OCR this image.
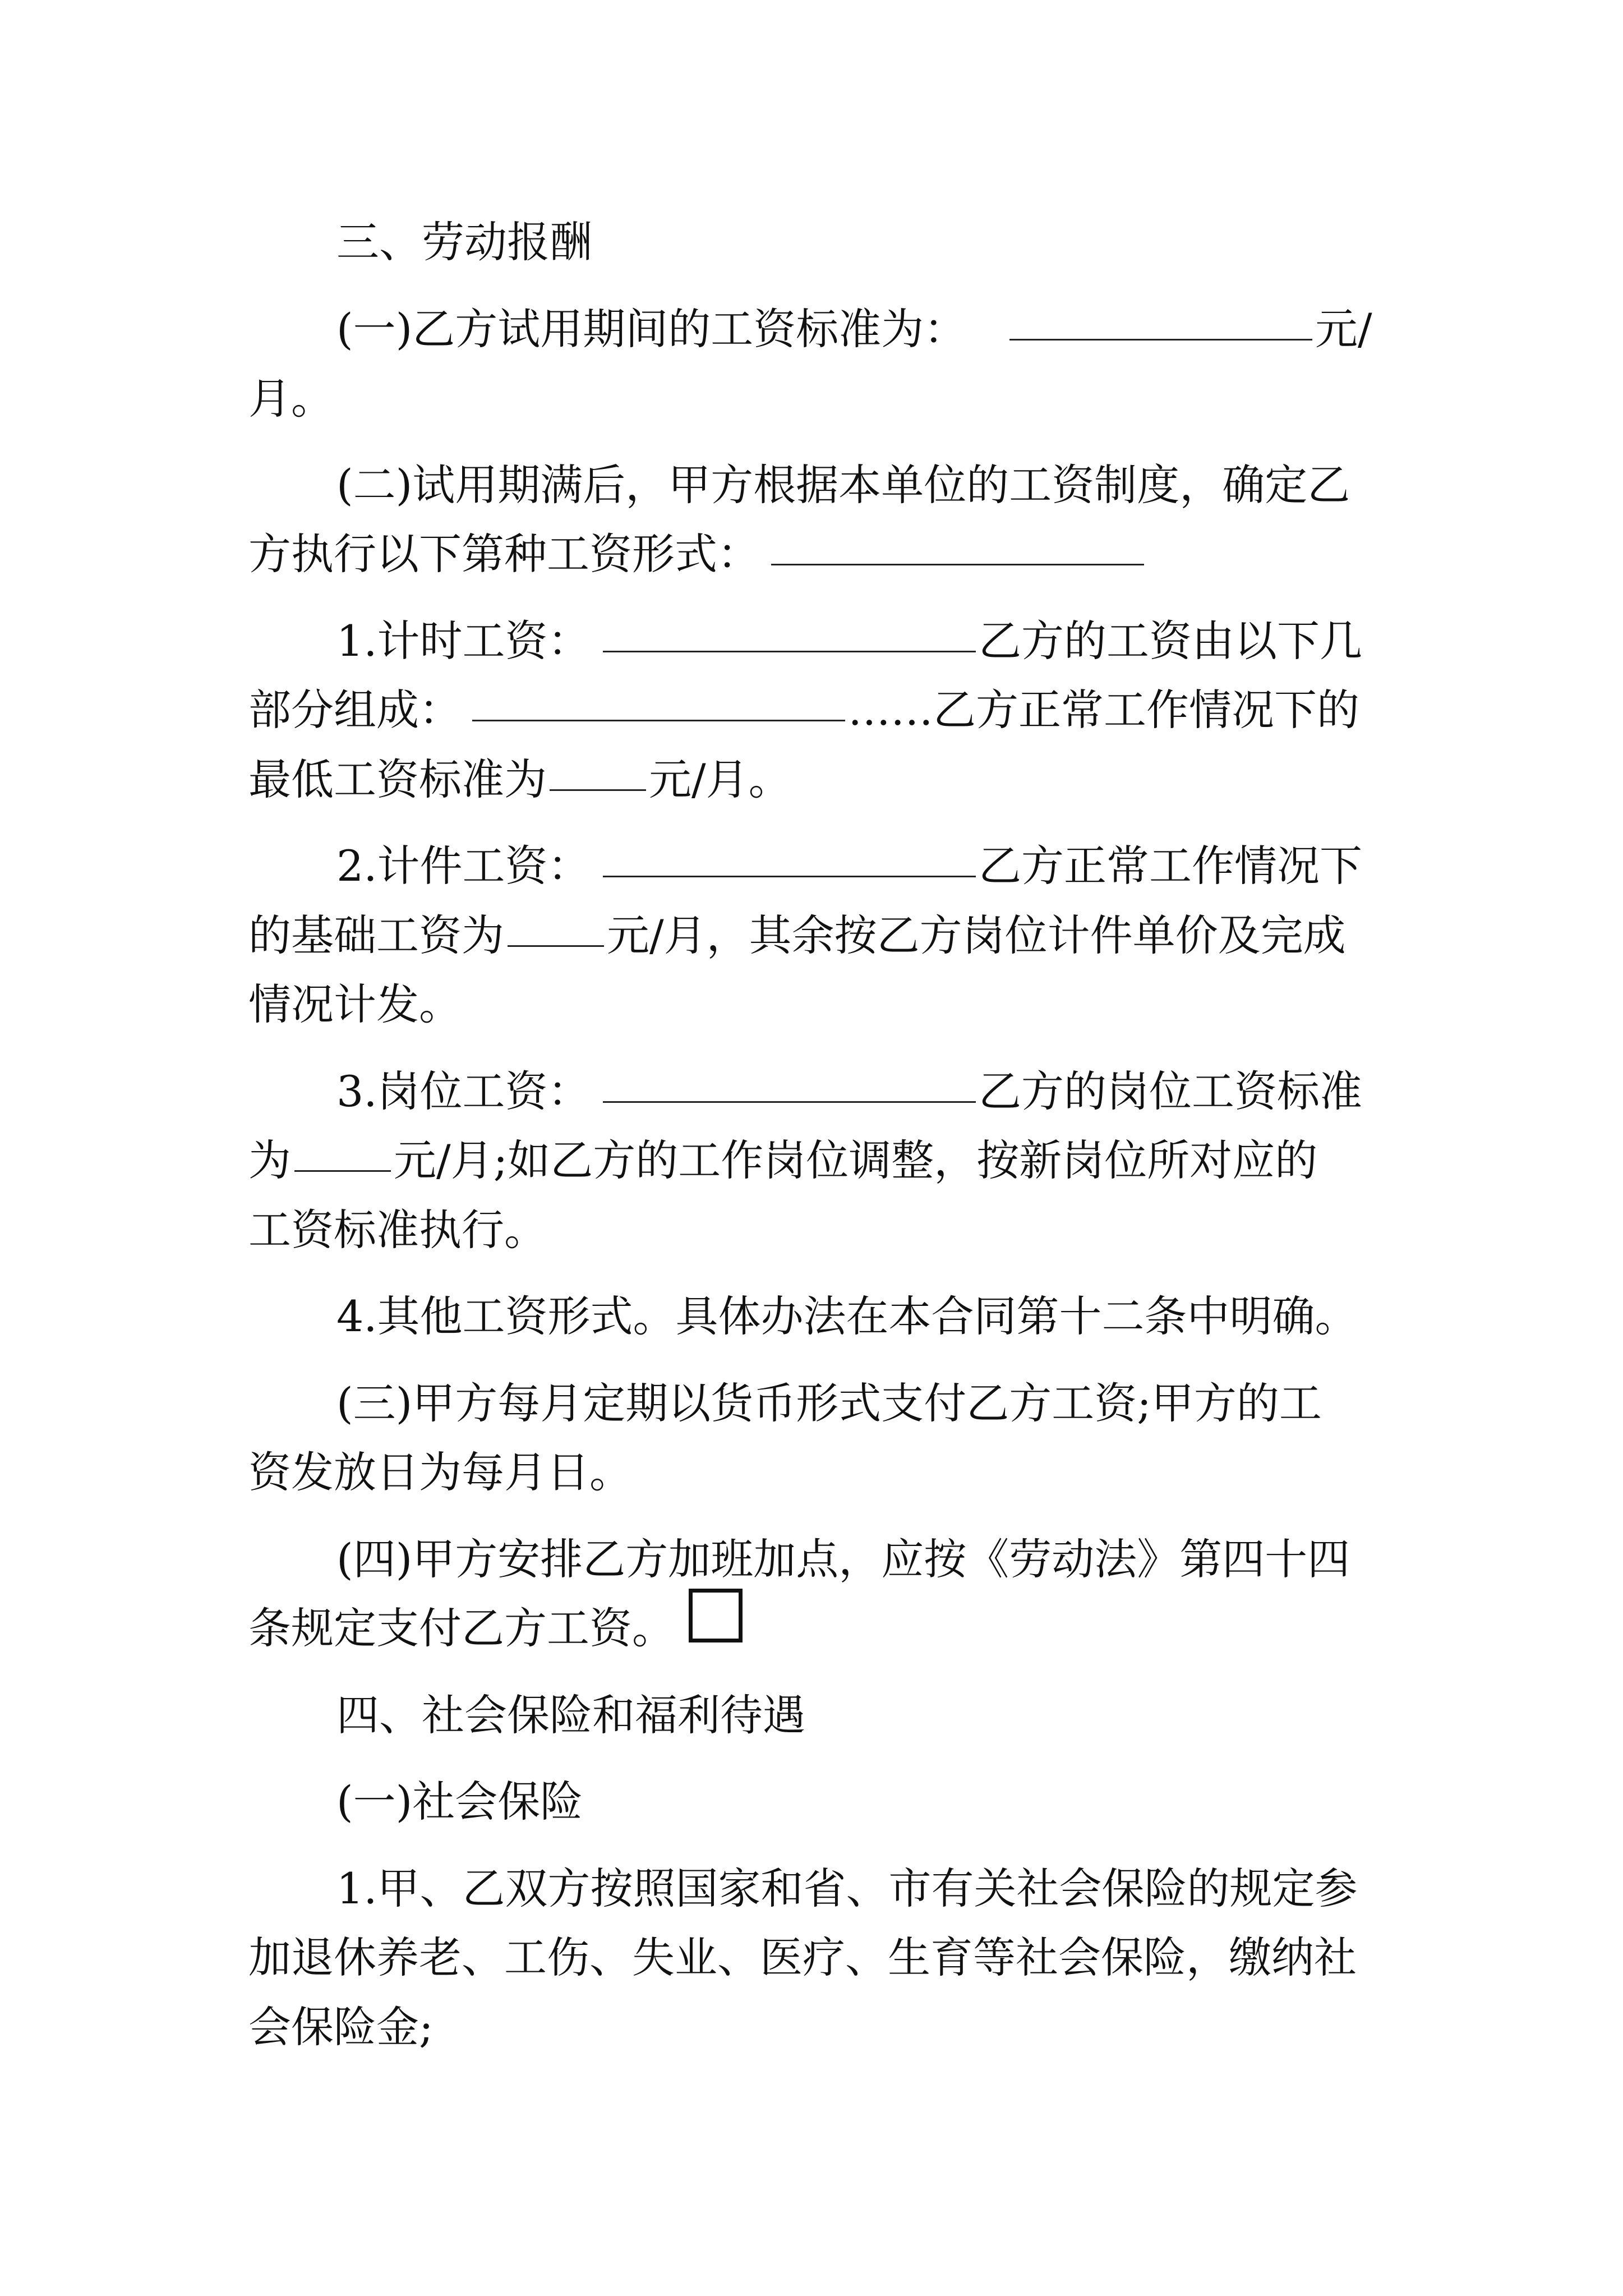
三、劳动报酬

(一)乙方试用期间的工资标准为：

	元/

月。

(二)试用期满后，甲方根据本单位的工资制度，确定乙

方执行以下第种工资形式：

1.计时工资：

	乙方的工资由以下几

部分组成：

	……乙方正常工作情况下的

最低工资标准为

元/月。

2.计件工资：

	乙方正常工作情况下

的基础工资为

元/月，其余按乙方岗位计件单价及完成

情况计发。

3.岗位工资：

	乙方的岗位工资标准

为

元/月;如乙方的工作岗位调整，按新岗位所对应的

工资标准执行。

4.其他工资形式。具体办法在本合同第十二条中明确。

(三)甲方每月定期以货币形式支付乙方工资;甲方的工

资发放日为每月日。

(四)甲方安排乙方加班加点，应按《劳动法》第四十四

条规定支付乙方工资。

四、社会保险和福利待遇

(一)社会保险

1.甲、乙双方按照国家和省、市有关社会保险的规定参

加退休养老、工伤、失业、医疗、生育等社会保险，缴纳社

会保险金;
